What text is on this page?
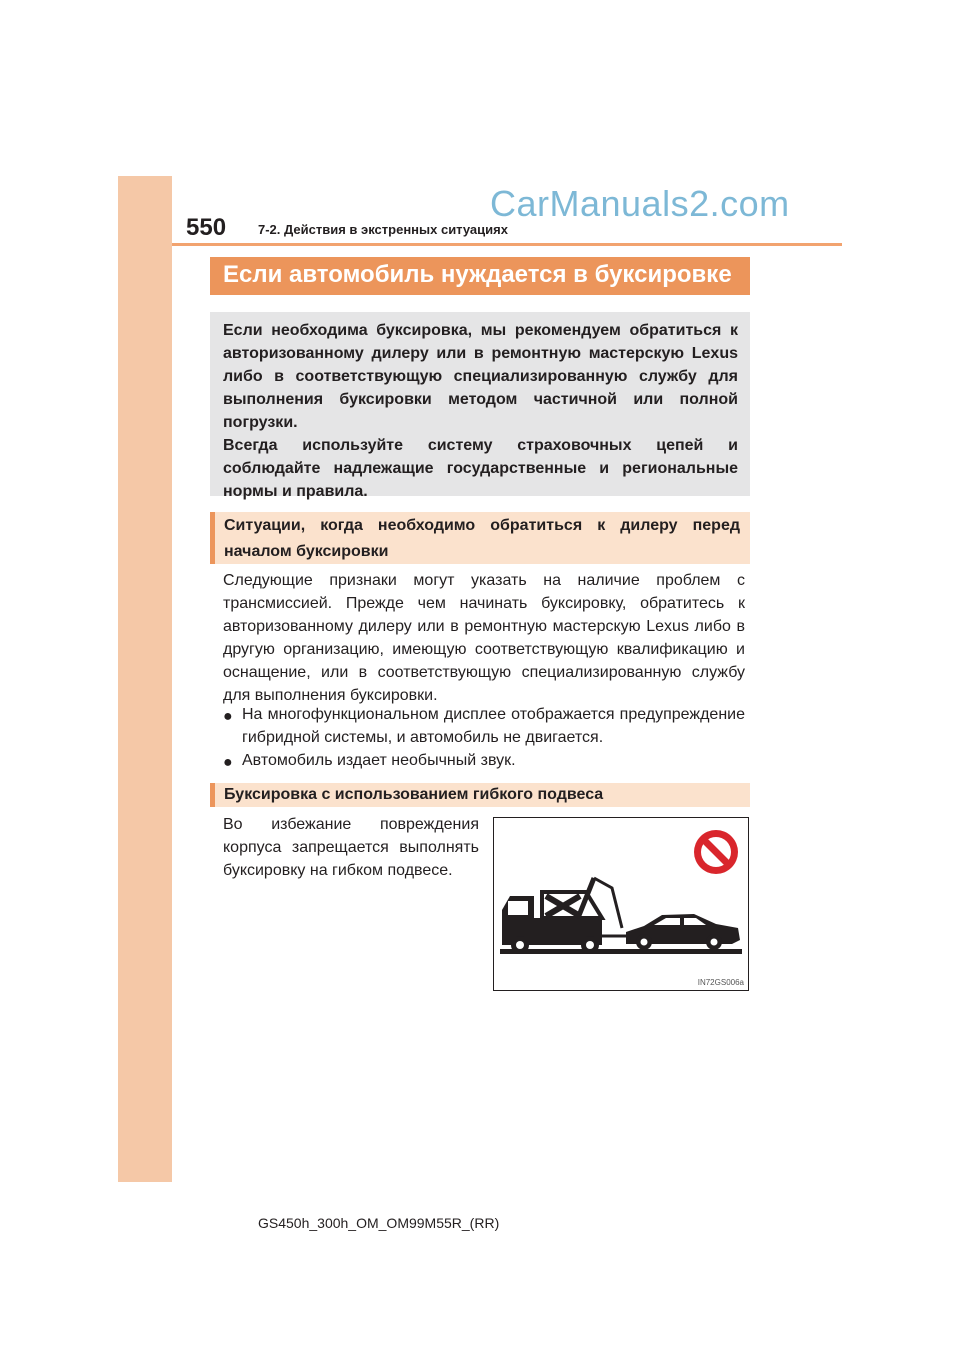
CarManuals2.com
550 7-2. Действия в экстренных ситуациях
Если автомобиль нуждается в буксировке

Если необходима буксировка, мы рекомендуем обратиться к авторизованному дилеру или в ремонтную мастерскую Lexus либо в соответствующую специализированную службу для выполнения буксировки методом частичной или полной погрузки.

Всегда используйте систему страховочных цепей и соблюдайте надлежащие государственные и региональные нормы и правила.

Ситуации, когда необходимо обратиться к дилеру перед началом буксировки

Следующие признаки могут указать на наличие проблем с трансмиссией. Прежде чем начинать буксировку, обратитесь к авторизованному дилеру или в ремонтную мастерскую Lexus либо в другую организацию, имеющую соответствующую квалификацию и оснащение, или в соответствующую специализированную службу для выполнения буксировки.

● На многофункциональном дисплее отображается предупреждение гибридной системы, и автомобиль не двигается.
● Автомобиль издает необычный звук.
Буксировка с использованием гибкого подвеса

Во избежание повреждения корпуса запрещается выполнять буксировку на гибком подвесе.

IN72GS006a
GS450h_300h_OM_OM99M55R_(RR)
